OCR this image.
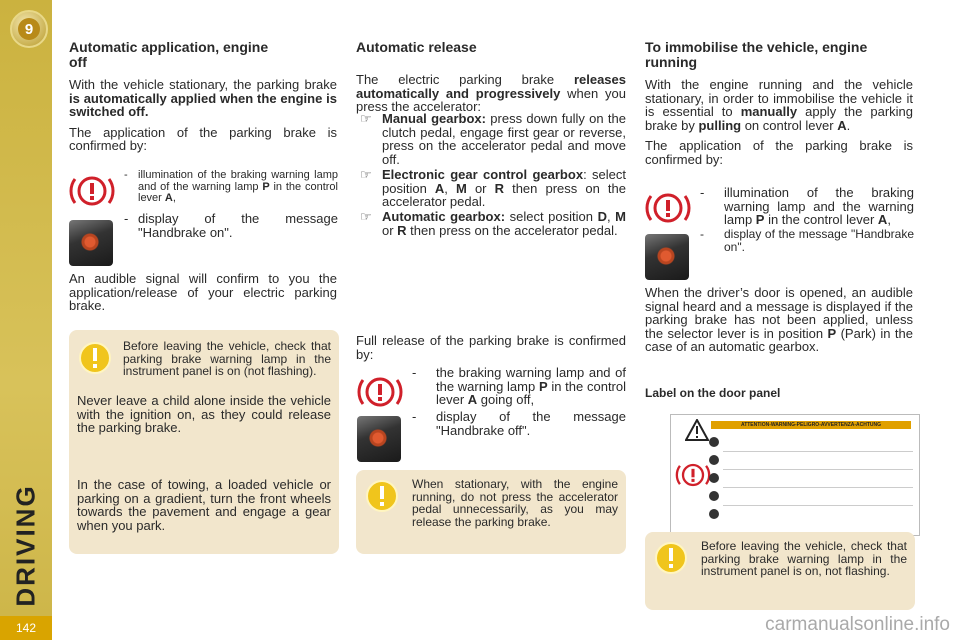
9
DRIVING
142
Automatic application, engine off

With the vehicle stationary, the parking brake is automatically applied when the engine is switched off.

The application of the parking brake is confirmed by:

- illumination of the braking warning lamp and of the warning lamp P in the control lever A,
- display of the message "Handbrake on".

An audible signal will confirm to you the application/release of your electric parking brake.

Before leaving the vehicle, check that parking brake warning lamp in the instrument panel is on (not flashing).

Never leave a child alone inside the vehicle with the ignition on, as they could release the parking brake.

In the case of towing, a loaded vehicle or parking on a gradient, turn the front wheels towards the pavement and engage a gear when you park.

Automatic release

The electric parking brake releases automatically and progressively when you press the accelerator:

☞ Manual gearbox: press down fully on the clutch pedal, engage first gear or reverse, press on the accelerator pedal and move off.
☞ Electronic gear control gearbox: select position A, M or R then press on the accelerator pedal.
☞ Automatic gearbox: select position D, M or R then press on the accelerator pedal.

Full release of the parking brake is confirmed by:

- the braking warning lamp and of the warning lamp P in the control lever A going off,
- display of the message "Handbrake off".

When stationary, with the engine running, do not press the accelerator pedal unnecessarily, as you may release the parking brake.

To immobilise the vehicle, engine running

With the engine running and the vehicle stationary, in order to immobilise the vehicle it is essential to manually apply the parking brake by pulling on control lever A.

The application of the parking brake is confirmed by:

- illumination of the braking warning lamp and the warning lamp P in the control lever A,
- display of the message "Handbrake on".

When the driver’s door is opened, an audible signal heard and a message is displayed if the parking brake has not been applied, unless the selector lever is in position P (Park) in the case of an automatic gearbox.

Label on the door panel
ATTENTION-WARNING-PELIGRO-AVVERTENZA-ACHTUNG

Before leaving the vehicle, check that parking brake warning lamp in the instrument panel is on, not flashing.

carmanualsonline.info
